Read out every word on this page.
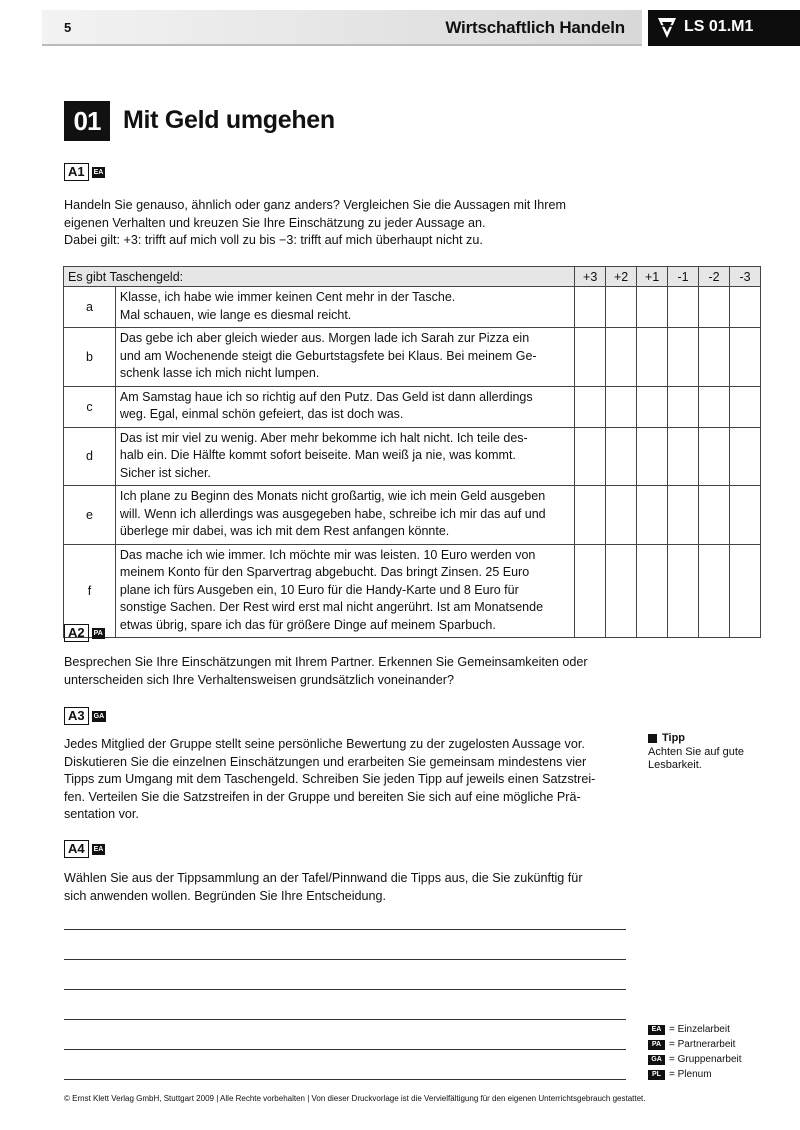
5	Wirtschaftlich Handeln	LS 01.M1
01 Mit Geld umgehen
A1	EA
Handeln Sie genauso, ähnlich oder ganz anders? Vergleichen Sie die Aussagen mit Ihrem
eigenen Verhalten und kreuzen Sie Ihre Einschätzung zu jeder Aussage an.
Dabei gilt: +3: trifft auf mich voll zu bis −3: trifft auf mich überhaupt nicht zu.
Es gibt Taschengeld:		+3	+2	+1	-1	-2	-3
a	Klasse, ich habe wie immer keinen Cent mehr in der Tasche.
Mal schauen, wie lange es diesmal reicht.						

b	Das gebe ich aber gleich wieder aus. Morgen lade ich Sarah zur Pizza ein
und am Wochenende steigt die Geburtstagsfete bei Klaus. Bei meinem Ge-
schenk lasse ich mich nicht lumpen.						

c	Am Samstag haue ich so richtig auf den Putz. Das Geld ist dann allerdings
weg. Egal, einmal schön gefeiert, das ist doch was.						

d	Das ist mir viel zu wenig. Aber mehr bekomme ich halt nicht. Ich teile des-
halb ein. Die Hälfte kommt sofort beiseite. Man weiß ja nie, was kommt.
Sicher ist sicher.						

e	Ich plane zu Beginn des Monats nicht großartig, wie ich mein Geld ausgeben
will. Wenn ich allerdings was ausgegeben habe, schreibe ich mir das auf und
überlege mir dabei, was ich mit dem Rest anfangen könnte.						

f	Das mache ich wie immer. Ich möchte mir was leisten. 10 Euro werden von
meinem Konto für den Sparvertrag abgebucht. Das bringt Zinsen. 25 Euro
plane ich fürs Ausgeben ein, 10 Euro für die Handy-Karte und 8 Euro für
sonstige Sachen. Der Rest wird erst mal nicht angerührt. Ist am Monatsende
etwas übrig, spare ich das für größere Dinge auf meinem Sparbuch.						

A2	PA
Besprechen Sie Ihre Einschätzungen mit Ihrem Partner. Erkennen Sie Gemeinsamkeiten oder
unterscheiden sich Ihre Verhaltensweisen grundsätzlich voneinander?
A3	GA
Jedes Mitglied der Gruppe stellt seine persönliche Bewertung zu der zugelosten Aussage vor.
Diskutieren Sie die einzelnen Einschätzungen und erarbeiten Sie gemeinsam mindestens vier
Tipps zum Umgang mit dem Taschengeld. Schreiben Sie jeden Tipp auf jeweils einen Satzstrei-
fen. Verteilen Sie die Satzstreifen in der Gruppe und bereiten Sie sich auf eine mögliche Prä-
sentation vor.
Tipp
Achten Sie auf gute
Lesbarkeit.
A4	EA
Wählen Sie aus der Tippsammlung an der Tafel/Pinnwand die Tipps aus, die Sie zukünftig für
sich anwenden wollen. Begründen Sie Ihre Entscheidung.
EA = Einzelarbeit
PA = Partnerarbeit
GA = Gruppenarbeit
PL = Plenum
© Ernst Klett Verlag GmbH, Stuttgart 2009 | Alle Rechte vorbehalten | Von dieser Druckvorlage ist die Vervielfältigung für den eigenen Unterrichtsgebrauch gestattet.
